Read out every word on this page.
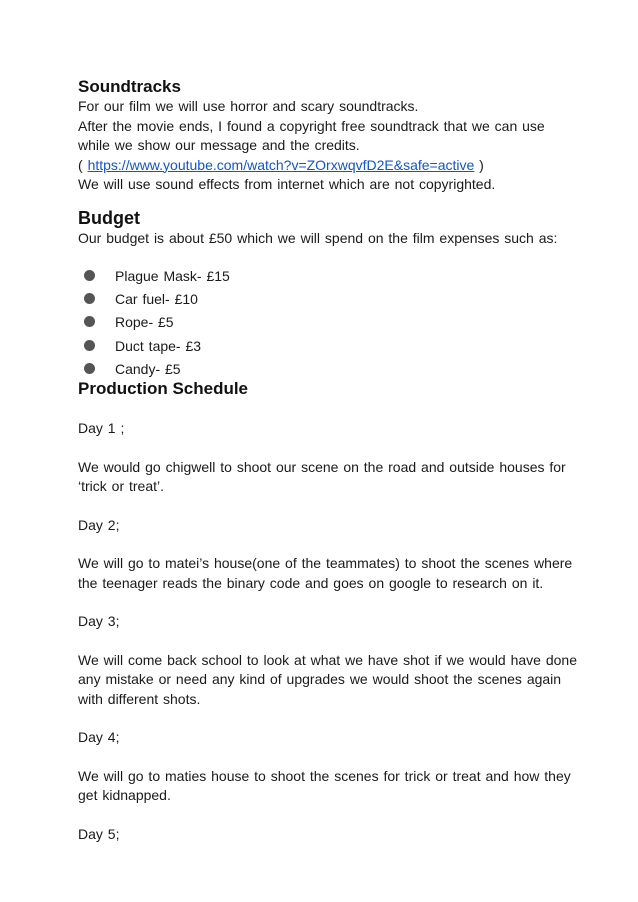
Soundtracks

For our film we will use horror and scary soundtracks.

After the movie ends, I found a copyright free soundtrack that we can use

while we show our message and the credits.

( https://www.youtube.com/watch?v=ZOrxwqvfD2E&safe=active )

We will use sound effects from internet which are not copyrighted.

Budget

Our budget is about £50 which we will spend on the film expenses such as:

Plague Mask- £15
Car fuel- £10
Rope- £5
Duct tape- £3
Candy- £5
Production Schedule

Day 1 ;

We would go chigwell to shoot our scene on the road and outside houses for

‘trick or treat’.

Day 2;

We will go to matei’s house(one of the teammates) to shoot the scenes where

the teenager reads the binary code and goes on google to research on it.

Day 3;

We will come back school to look at what we have shot if we would have done

any mistake or need any kind of upgrades we would shoot the scenes again

with different shots.

Day 4;

We will go to maties house to shoot the scenes for trick or treat and how they

get kidnapped.

Day 5;
